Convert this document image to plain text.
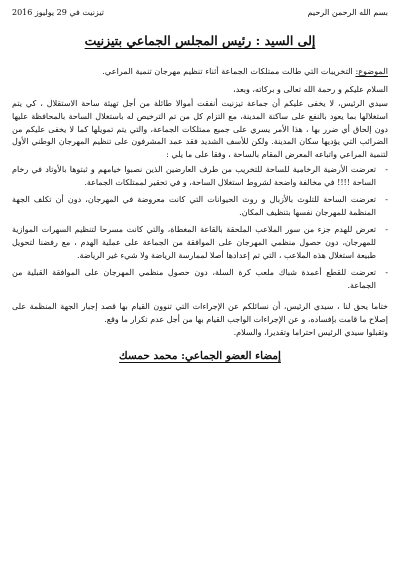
بسم الله الرحمن الرحيم
تيزنيت في 29 يوليوز 2016
إلى السيد : رئيس المجلس الجماعي بتيزنيت
الموضوع: التخريبات التي طالت ممتلكات الجماعة أثناء تنظيم مهرجان تنمية المراعي.

السلام عليكم و رحمة الله تعالى و بركاته، وبعد،

سيدي الرئيس، لا يخفى عليكم أن جماعة تيزنيت أنفقت أموالا طائلة من أجل تهيئة ساحة الاستقلال ، كي يتم استغلالها بما يعود بالنفع على ساكنة المدينة، مع التزام كل من تم الترخيص له باستغلال الساحة بالمحافظة عليها دون إلحاق أي ضرر بها ، هذا الأمر يسري على جميع ممتلكات الجماعة، والتي يتم تمويلها كما لا يخفى عليكم من الضرائب التي يؤديها سكان المدينة. ولكن للأسف الشديد فقد عمد المشرفون على تنظيم المهرجان الوطني الأول لتنمية المراعي واتباعه المعرض المقام بالساحة ، وفقا على ما يلي :

-
تعرضت الأرضية الرخامية للساحة للتخريب من طرف العارضين الذين نصبوا خيامهم و ثبتوها بالأوتاد في رخام الساحة !!!! في مخالفة واضحة لشروط استغلال الساحة، و في تحقير لممتلكات الجماعة.
-
تعرضت الساحة للتلوث بالأزبال و روث الحيوانات التي كانت معروضة في المهرجان، دون أن تكلف الجهة المنظمة للمهرجان نفسها بتنظيف المكان.
-
تعرض للهدم جزء من سور الملاعب الملحقة بالقاعة المغطاة، والتي كانت مسرحا لتنظيم السهرات الموازية للمهرجان، دون حصول منظمي المهرجان على الموافقة من الجماعة على عملية الهدم ، مع رفضنا لتحويل طبيعة استغلال هذه الملاعب ، التي تم إعدادها أصلا لممارسة الرياضة ولا شيء غير الرياضة.
-
تعرضت للقطع أعمدة شباك ملعب كرة السلة، دون حصول منظمي المهرجان على الموافقة القبلية من الجماعة.

ختاما يحق لنا ، سيدي الرئيس، أن نسائلكم عن الإجراءات التي تنوون القيام بها قصد إجبار الجهة المنظمة على إصلاح ما قامت بإفساده، و عن الإجراءات الواجب القيام بها من أجل عدم تكرار ما وقع.

وتقبلوا سيدي الرئيس احتراما وتقديرا، والسلام.

إمضاء العضو الجماعي: محمد حمسك
